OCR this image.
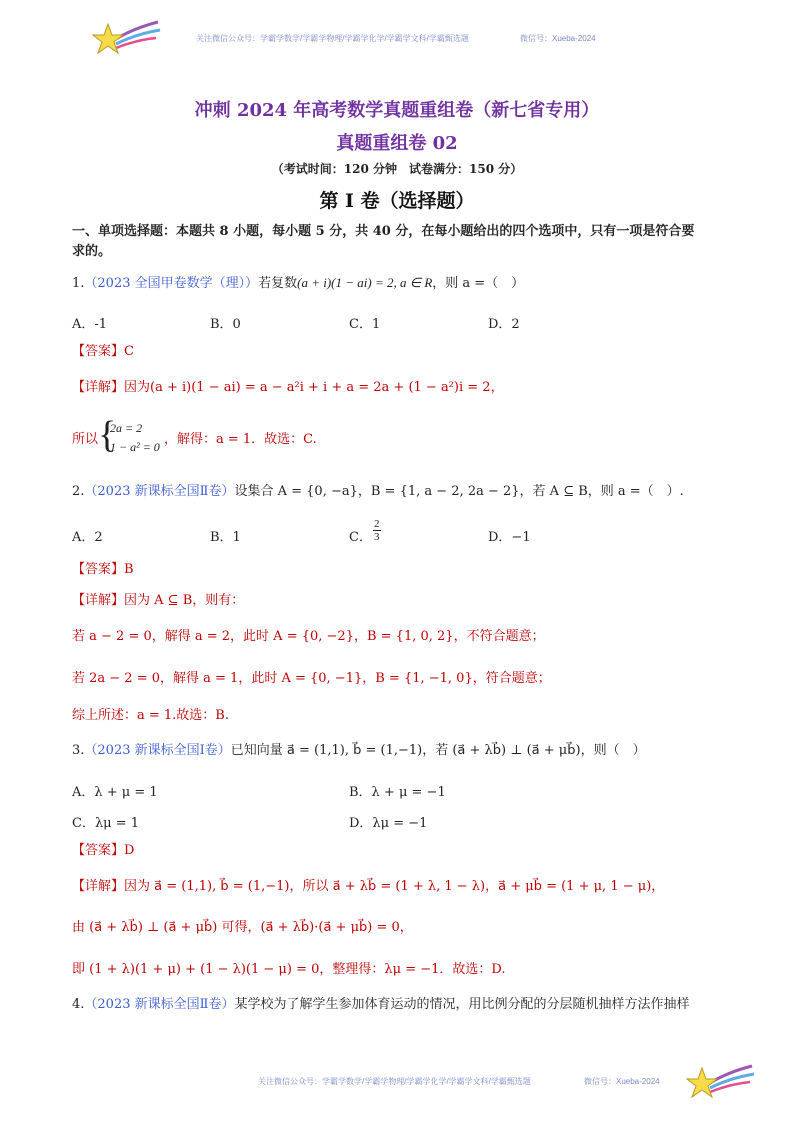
关注微信公众号：学霸学数学/学霸学物理/学霸学化学/学霸学文科/学霸甄选题	微信号：Xueba-2024
冲刺 2024 年高考数学真题重组卷（新七省专用）
真题重组卷 02
（考试时间：120 分钟　试卷满分：150 分）
第 I 卷（选择题）
一、单项选择题：本题共 8 小题，每小题 5 分，共 40 分，在每小题给出的四个选项中，只有一项是符合要
求的。
1.（2023 全国甲卷数学（理））若复数(a + i)(1 − ai) = 2, a ∈ R，则 a =（　）
A．-1	B．0	C．1	D．2
【答案】C
【详解】因为(a + i)(1 − ai) = a − a²i + i + a = 2a + (1 − a²)i = 2，
所以 {
2a = 2
1 − a² = 0 ，解得：a = 1．故选：C.
2.（2023 新课标全国Ⅱ卷）设集合 A = {0, −a}，B = {1, a − 2, 2a − 2}，若 A ⊆ B，则 a =（　）.
A．2	B．1	C． $\frac{2}{3}$	D．−1
【答案】B
【详解】因为 A ⊆ B，则有：
若 a − 2 = 0，解得 a = 2，此时 A = {0, −2}，B = {1, 0, 2}，不符合题意；
若 2a − 2 = 0，解得 a = 1，此时 A = {0, −1}，B = {1, −1, 0}，符合题意；
综上所述：a = 1.故选：B.
3.（2023 新课标全国Ⅰ卷）已知向量 a⃗ = (1,1), b⃗ = (1,−1)，若 (a⃗ + λb⃗) ⊥ (a⃗ + μb⃗)，则（　）
A．λ + μ = 1	B．λ + μ = −1
C．λμ = 1	D．λμ = −1
【答案】D
【详解】因为 a⃗ = (1,1), b⃗ = (1,−1)，所以 a⃗ + λb⃗ = (1 + λ, 1 − λ)，a⃗ + μb⃗ = (1 + μ, 1 − μ)，
由 (a⃗ + λb⃗) ⊥ (a⃗ + μb⃗) 可得，(a⃗ + λb⃗)·(a⃗ + μb⃗) = 0，
即 (1 + λ)(1 + μ) + (1 − λ)(1 − μ) = 0，整理得：λμ = −1．故选：D.
4.（2023 新课标全国Ⅱ卷）某学校为了解学生参加体育运动的情况，用比例分配的分层随机抽样方法作抽样
关注微信公众号：学霸学数学/学霸学物理/学霸学化学/学霸学文科/学霸甄选题	微信号：Xueba-2024
